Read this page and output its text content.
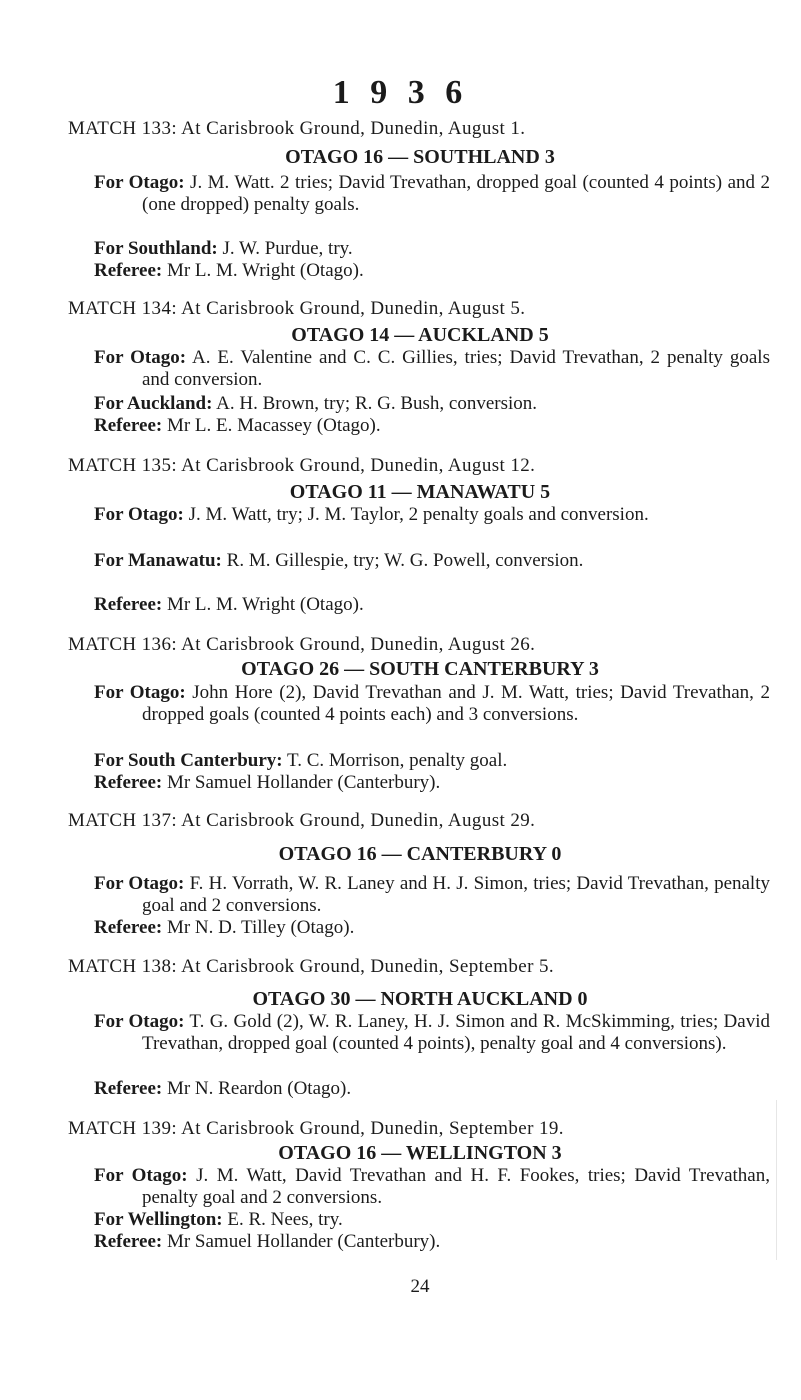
1 9 3 6
MATCH 133: At Carisbrook Ground, Dunedin, August 1.
OTAGO 16 — SOUTHLAND 3
For Otago: J. M. Watt. 2 tries; David Trevathan, dropped goal (counted 4 points) and 2 (one dropped) penalty goals.
For Southland: J. W. Purdue, try.
Referee: Mr L. M. Wright (Otago).
MATCH 134: At Carisbrook Ground, Dunedin, August 5.
OTAGO 14 — AUCKLAND 5
For Otago: A. E. Valentine and C. C. Gillies, tries; David Trevathan, 2 penalty goals and conversion.
For Auckland: A. H. Brown, try; R. G. Bush, conversion.
Referee: Mr L. E. Macassey (Otago).
MATCH 135: At Carisbrook Ground, Dunedin, August 12.
OTAGO 11 — MANAWATU 5
For Otago: J. M. Watt, try; J. M. Taylor, 2 penalty goals and conversion.
For Manawatu: R. M. Gillespie, try; W. G. Powell, conversion.
Referee: Mr L. M. Wright (Otago).
MATCH 136: At Carisbrook Ground, Dunedin, August 26.
OTAGO 26 — SOUTH CANTERBURY 3
For Otago: John Hore (2), David Trevathan and J. M. Watt, tries; David Trevathan, 2 dropped goals (counted 4 points each) and 3 conversions.
For South Canterbury: T. C. Morrison, penalty goal.
Referee: Mr Samuel Hollander (Canterbury).
MATCH 137: At Carisbrook Ground, Dunedin, August 29.
OTAGO 16 — CANTERBURY 0
For Otago: F. H. Vorrath, W. R. Laney and H. J. Simon, tries; David Trevathan, penalty goal and 2 conversions.
Referee: Mr N. D. Tilley (Otago).
MATCH 138: At Carisbrook Ground, Dunedin, September 5.
OTAGO 30 — NORTH AUCKLAND 0
For Otago: T. G. Gold (2), W. R. Laney, H. J. Simon and R. McSkimming, tries; David Trevathan, dropped goal (counted 4 points), penalty goal and 4 conversions).
Referee: Mr N. Reardon (Otago).
MATCH 139: At Carisbrook Ground, Dunedin, September 19.
OTAGO 16 — WELLINGTON 3
For Otago: J. M. Watt, David Trevathan and H. F. Fookes, tries; David Trevathan, penalty goal and 2 conversions.
For Wellington: E. R. Nees, try.
Referee: Mr Samuel Hollander (Canterbury).
24
